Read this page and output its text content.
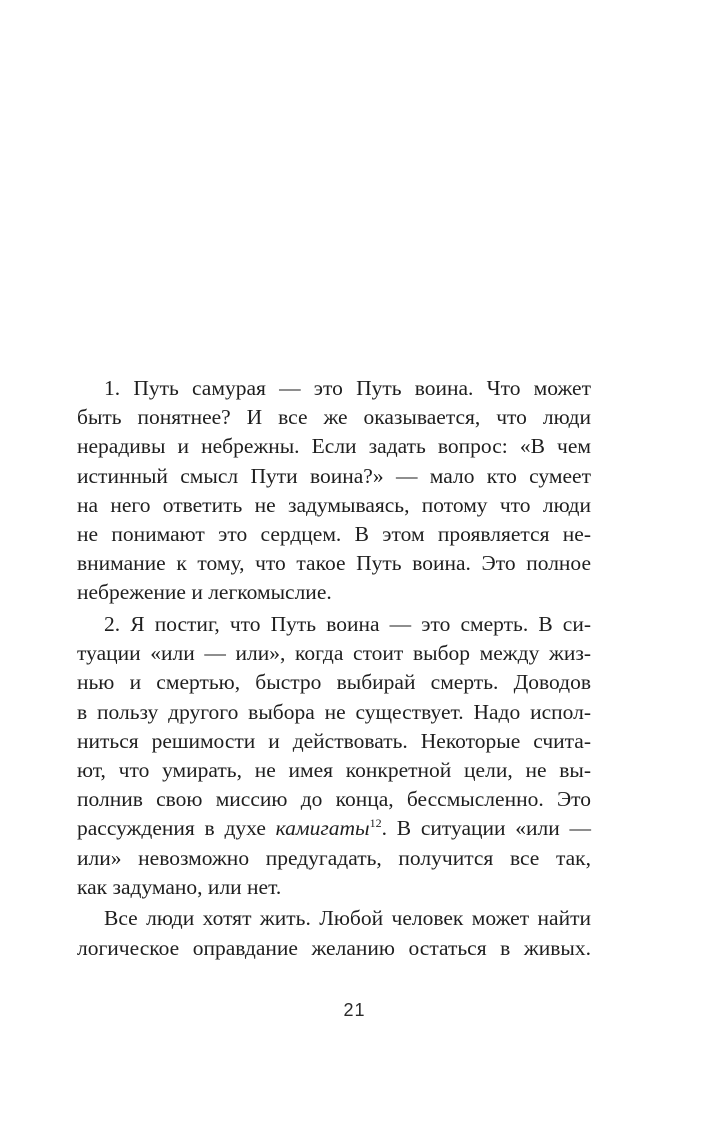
1. Путь самурая — это Путь воина. Что может
быть понятнее? И все же оказывается, что люди
нерадивы и небрежны. Если задать вопрос: «В чем
истинный смысл Пути воина?» — мало кто сумеет
на него ответить не задумываясь, потому что люди
не понимают это сердцем. В этом проявляется не-
внимание к тому, что такое Путь воина. Это полное
небрежение и легкомыслие.
2. Я постиг, что Путь воина — это смерть. В си-
туации «или — или», когда стоит выбор между жиз-
нью и смертью, быстро выбирай смерть. Доводов
в пользу другого выбора не существует. Надо испол-
ниться решимости и действовать. Некоторые счита-
ют, что умирать, не имея конкретной цели, не вы-
полнив свою миссию до конца, бессмысленно. Это
рассуждения в духе камигаты$^{12}$. В ситуации «или —
или» невозможно предугадать, получится все так,
как задумано, или нет.
Все люди хотят жить. Любой человек может найти
логическое оправдание желанию остаться в живых.
21
